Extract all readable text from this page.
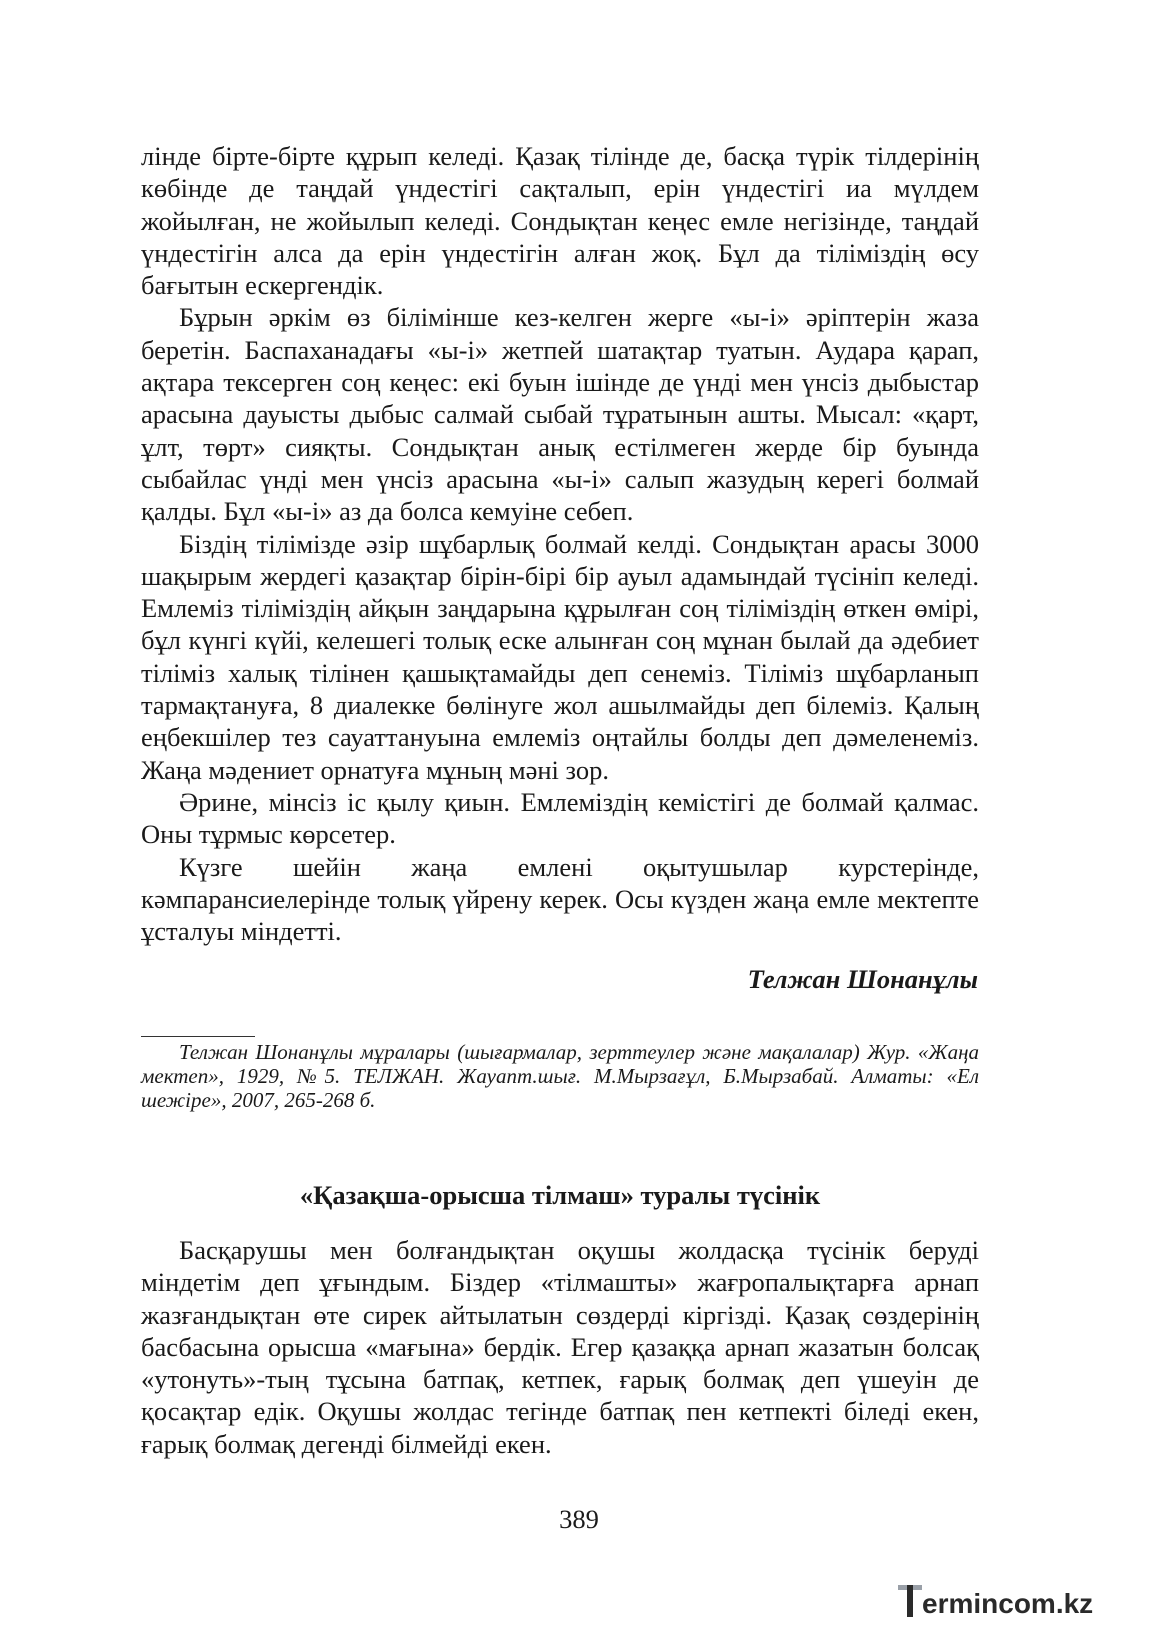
лінде бірте-бірте құрып келеді. Қазақ тілінде де, басқа түрік тілдерінің көбінде де таңдай үндестігі сақталып, ерін үндестігі иа мүлдем жойылған, не жойылып келеді. Сондықтан кеңес емле негізінде, таңдай үндестігін алса да ерін үндестігін алған жоқ. Бұл да тіліміздің өсу бағытын ескергендік.

Бұрын әркім өз білімінше кез-келген жерге «ы-і» әріптерін жаза беретін. Баспаханадағы «ы-і» жетпей шатақтар туатын. Аудара қарап, ақтара тексерген соң кеңес: екі буын ішінде де үнді мен үнсіз дыбыстар арасына дауысты дыбыс салмай сыбай тұратынын ашты. Мысал: «қарт, ұлт, төрт» сияқты. Сондықтан анық естілмеген жерде бір буында сыбайлас үнді мен үнсіз арасына «ы-і» салып жазудың керегі болмай қалды. Бұл «ы-і» аз да болса кемуіне себеп.

Біздің тілімізде әзір шұбарлық болмай келді. Сондықтан арасы 3000 шақырым жердегі қазақтар бірін-бірі бір ауыл адамындай түсініп келеді. Емлеміз тіліміздің айқын заңдарына құрылған соң тіліміздің өткен өмірі, бұл күнгі күйі, келешегі толық еске алынған соң мұнан былай да әдебиет тіліміз халық тілінен қашықтамайды деп сенеміз. Тіліміз шұбарланып тармақтануға, 8 диалекке бөлінуге жол ашылмайды деп білеміз. Қалың еңбекшілер тез сауаттануына емлеміз оңтайлы болды деп дәмеленеміз. Жаңа мәдениет орнатуға мұның мәні зор.

Әрине, мінсіз іс қылу қиын. Емлеміздің кемістігі де болмай қалмас. Оны тұрмыс көрсетер.

Күзге шейін жаңа емлені оқытушылар курстерінде, кәмпарансиелерінде толық үйрену керек. Осы күзден жаңа емле мектепте ұсталуы міндетті.

Телжан Шонанұлы
Телжан Шонанұлы мұралары (шығармалар, зерттеулер және мақалалар) Жур. «Жаңа мектеп», 1929, №5. ТЕЛЖАН. Жауапт.шығ. М.Мырзағұл, Б.Мырзабай. Алматы: «Ел шежіре», 2007, 265-268 б.
«Қазақша-орысша тілмаш» туралы түсінік

Басқарушы мен болғандықтан оқушы жолдасқа түсінік беруді міндетім деп ұғындым. Біздер «тілмашты» жағропалықтарға арнап жазғандықтан өте сирек айтылатын сөздерді кіргізді. Қазақ сөздерінің басбасына орысша «мағына» бердік. Егер қазаққа арнап жазатын болсақ «утонуть»-тың тұсына батпақ, кетпек, ғарық болмақ деп үшеуін де қосақтар едік. Оқушы жолдас тегінде батпақ пен кетпекті біледі екен, ғарық болмақ дегенді білмейді екен.

389
ermincom.kz
